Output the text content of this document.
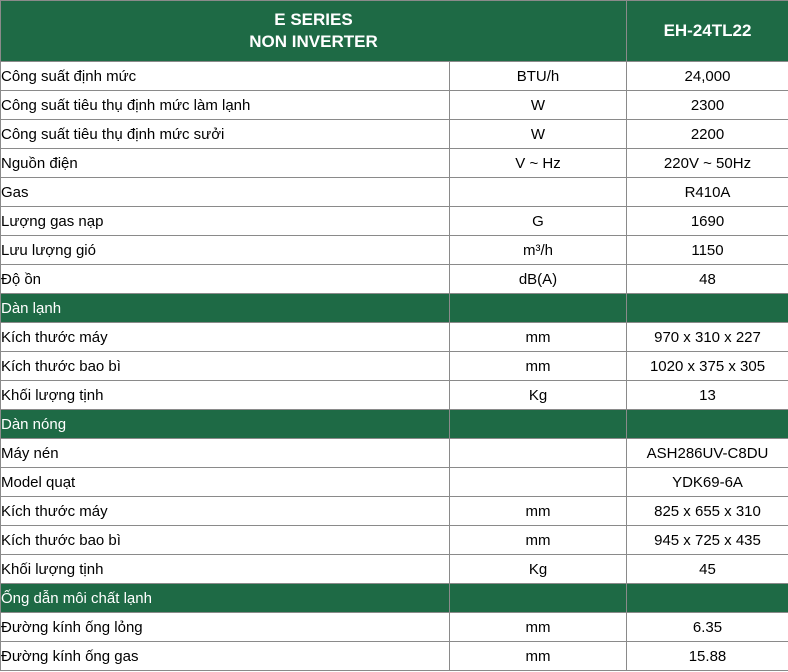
E SERIES
NON INVERTER		EH-24TL22
Công suất định mức	BTU/h	24,000
Công suất tiêu thụ định mức làm lạnh	W	2300
Công suất tiêu thụ định mức sưởi	W	2200
Nguồn điện	V ~ Hz	220V ~ 50Hz
Gas		R410A
Lượng gas nạp	G	1690
Lưu lượng gió	m³/h	1150
Độ ồn	dB(A)	48
Dàn lạnh		
Kích thước máy	mm	970 x 310 x 227
Kích thước bao bì	mm	1020 x 375 x 305
Khối lượng tịnh	Kg	13
Dàn nóng		
Máy nén		ASH286UV-C8DU
Model quạt		YDK69-6A
Kích thước máy	mm	825 x 655 x 310
Kích thước bao bì	mm	945 x 725 x 435
Khối lượng tịnh	Kg	45
Ống dẫn môi chất lạnh		
Đường kính ống lỏng	mm	6.35
Đường kính ống gas	mm	15.88
